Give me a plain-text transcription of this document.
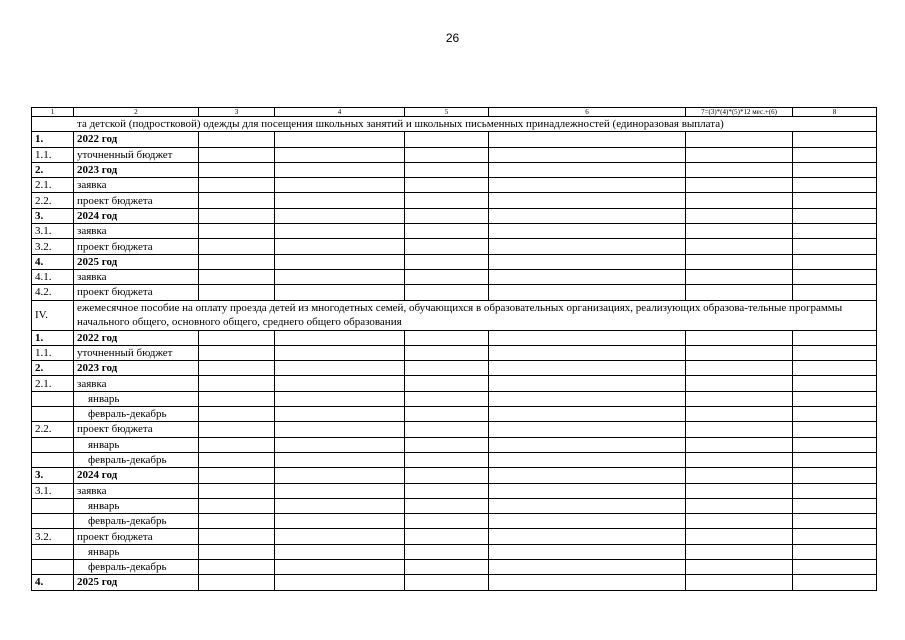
26
1	2	3	4	5	6	7=(3)*(4)*(5)*12 мес.+(6)	8
та детской (подростковой) одежды для посещения школьных занятий и школьных письменных принадлежностей (единоразовая выплата)							
1.	2022 год						
1.1.	уточненный бюджет						
2.	2023 год						
2.1.	заявка						
2.2.	проект бюджета						
3.	2024 год						
3.1.	заявка						
3.2.	проект бюджета						
4.	2025 год						
4.1.	заявка						
4.2.	проект бюджета						
IV.	ежемесячное пособие на оплату проезда детей из многодетных семей, обучающихся в образовательных организациях, реализующих образова-тельные программы начального общего, основного общего, среднего общего образования						
1.	2022 год						
1.1.	уточненный бюджет						
2.	2023 год						
2.1.	заявка						
	январь						
	февраль-декабрь						
2.2.	проект бюджета						
	январь						
	февраль-декабрь						
3.	2024 год						
3.1.	заявка						
	январь						
	февраль-декабрь						
3.2.	проект бюджета						
	январь						
	февраль-декабрь						
4.	2025 год						
